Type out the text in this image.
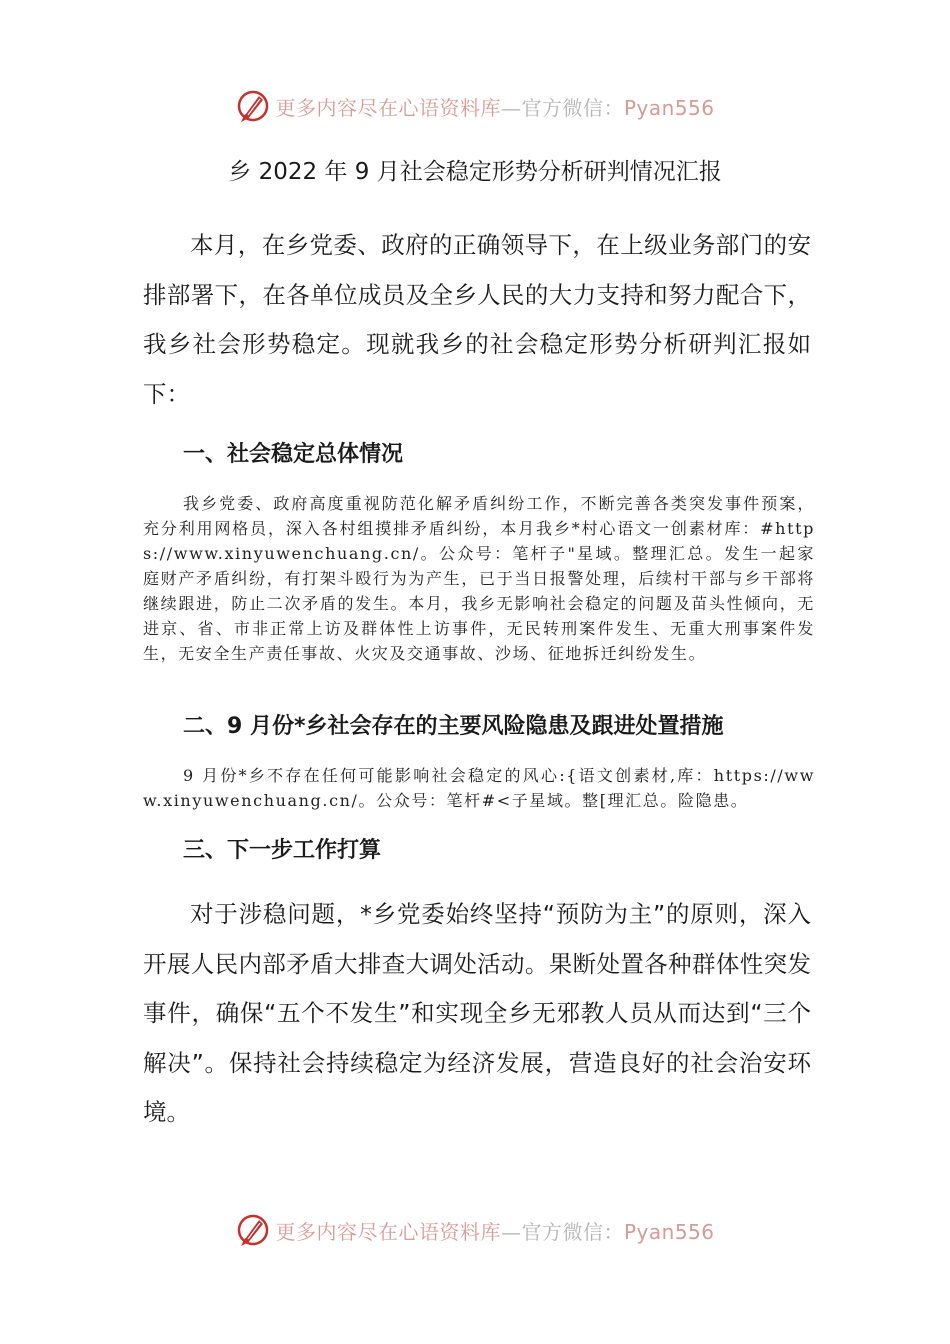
更多内容尽在心语资料库—官方微信：Pyan556
乡 2022 年 9 月社会稳定形势分析研判情况汇报

本月，在乡党委、政府的正确领导下，在上级业务部门的安排部署下，在各单位成员及全乡人民的大力支持和努力配合下，我乡社会形势稳定。现就我乡的社会稳定形势分析研判汇报如下：

一、社会稳定总体情况

我乡党委、政府高度重视防范化解矛盾纠纷工作，不断完善各类突发事件预案，充分利用网格员，深入各村组摸排矛盾纠纷，本月我乡*村心语文一创素材库：#https://www.xinyuwenchuang.cn/。公众号：笔杆子"星域。整理汇总。发生一起家庭财产矛盾纠纷，有打架斗殴行为为产生，已于当日报警处理，后续村干部与乡干部将继续跟进，防止二次矛盾的发生。本月，我乡无影响社会稳定的问题及苗头性倾向，无进京、省、市非正常上访及群体性上访事件，无民转刑案件发生、无重大刑事案件发生，无安全生产责任事故、火灾及交通事故、沙场、征地拆迁纠纷发生。

二、9 月份*乡社会存在的主要风险隐患及跟进处置措施

9 月份*乡不存在任何可能影响社会稳定的风心:{语文创素材,库：https://www.xinyuwenchuang.cn/。公众号：笔杆#<子星域。整[理汇总。险隐患。

三、下一步工作打算

对于涉稳问题，*乡党委始终坚持“预防为主”的原则，深入开展人民内部矛盾大排查大调处活动。果断处置各种群体性突发事件，确保“五个不发生”和实现全乡无邪教人员从而达到“三个解决”。保持社会持续稳定为经济发展，营造良好的社会治安环境。

更多内容尽在心语资料库—官方微信：Pyan556
